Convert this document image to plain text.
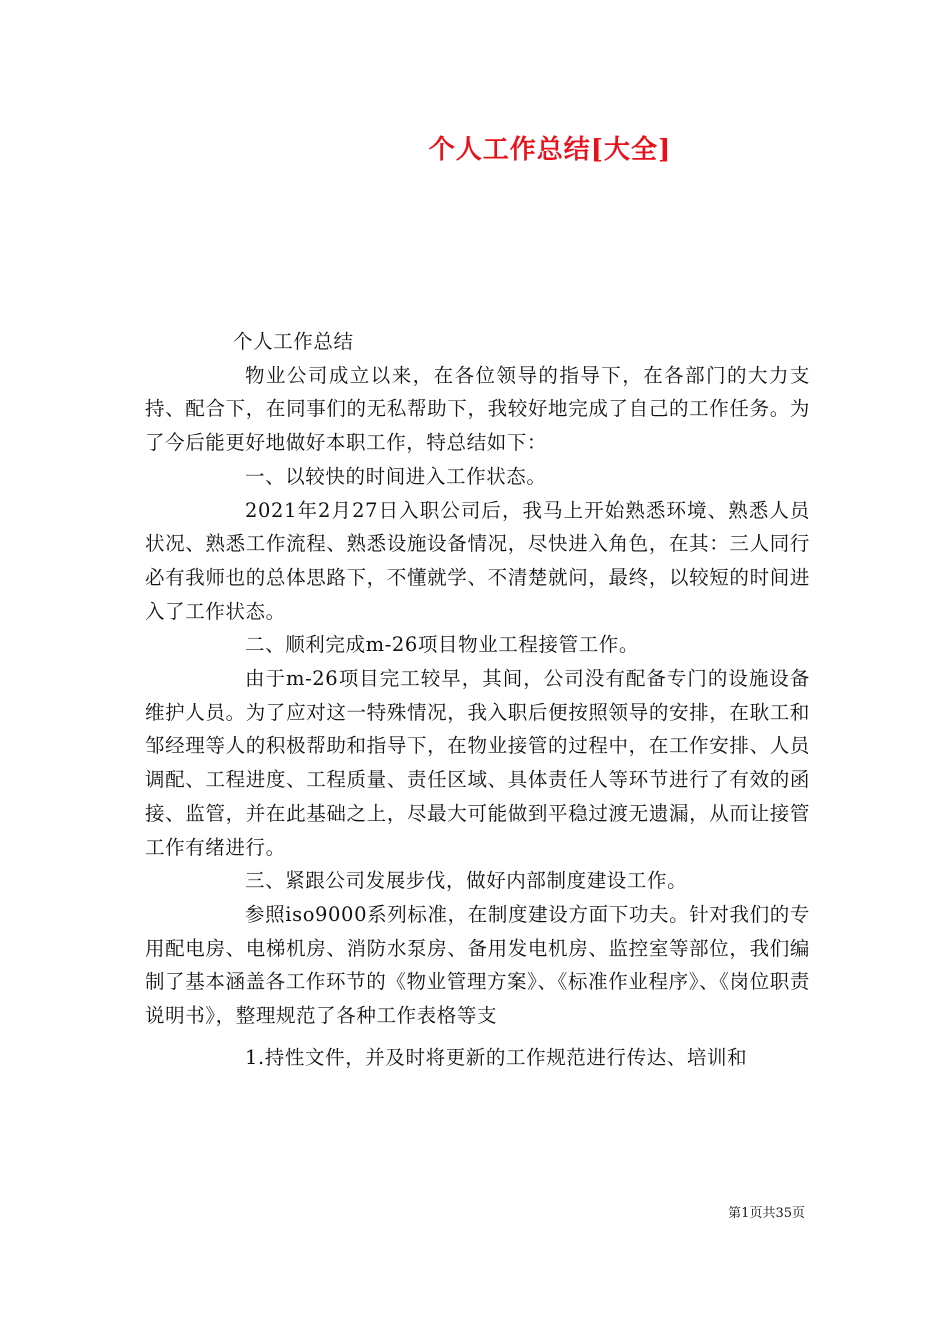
个人工作总结[大全]

个人工作总结

物业公司成立以来，在各位领导的指导下，在各部门的大力支持、配合下，在同事们的无私帮助下，我较好地完成了自己的工作任务。为了今后能更好地做好本职工作，特总结如下：

一、以较快的时间进入工作状态。

2021年2月27日入职公司后，我马上开始熟悉环境、熟悉人员状况、熟悉工作流程、熟悉设施设备情况，尽快进入角色，在其：三人同行必有我师也的总体思路下，不懂就学、不清楚就问，最终，以较短的时间进入了工作状态。

二、顺利完成m-26项目物业工程接管工作。

由于m-26项目完工较早，其间，公司没有配备专门的设施设备维护人员。为了应对这一特殊情况，我入职后便按照领导的安排，在耿工和邹经理等人的积极帮助和指导下，在物业接管的过程中，在工作安排、人员调配、工程进度、工程质量、责任区域、具体责任人等环节进行了有效的函接、监管，并在此基础之上，尽最大可能做到平稳过渡无遗漏，从而让接管工作有绪进行。

三、紧跟公司发展步伐，做好内部制度建设工作。

参照iso9000系列标准，在制度建设方面下功夫。针对我们的专用配电房、电梯机房、消防水泵房、备用发电机房、监控室等部位，我们编制了基本涵盖各工作环节的《物业管理方案》、《标准作业程序》、《岗位职责说明书》，整理规范了各种工作表格等支

1.持性文件，并及时将更新的工作规范进行传达、培训和

第1页共35页
